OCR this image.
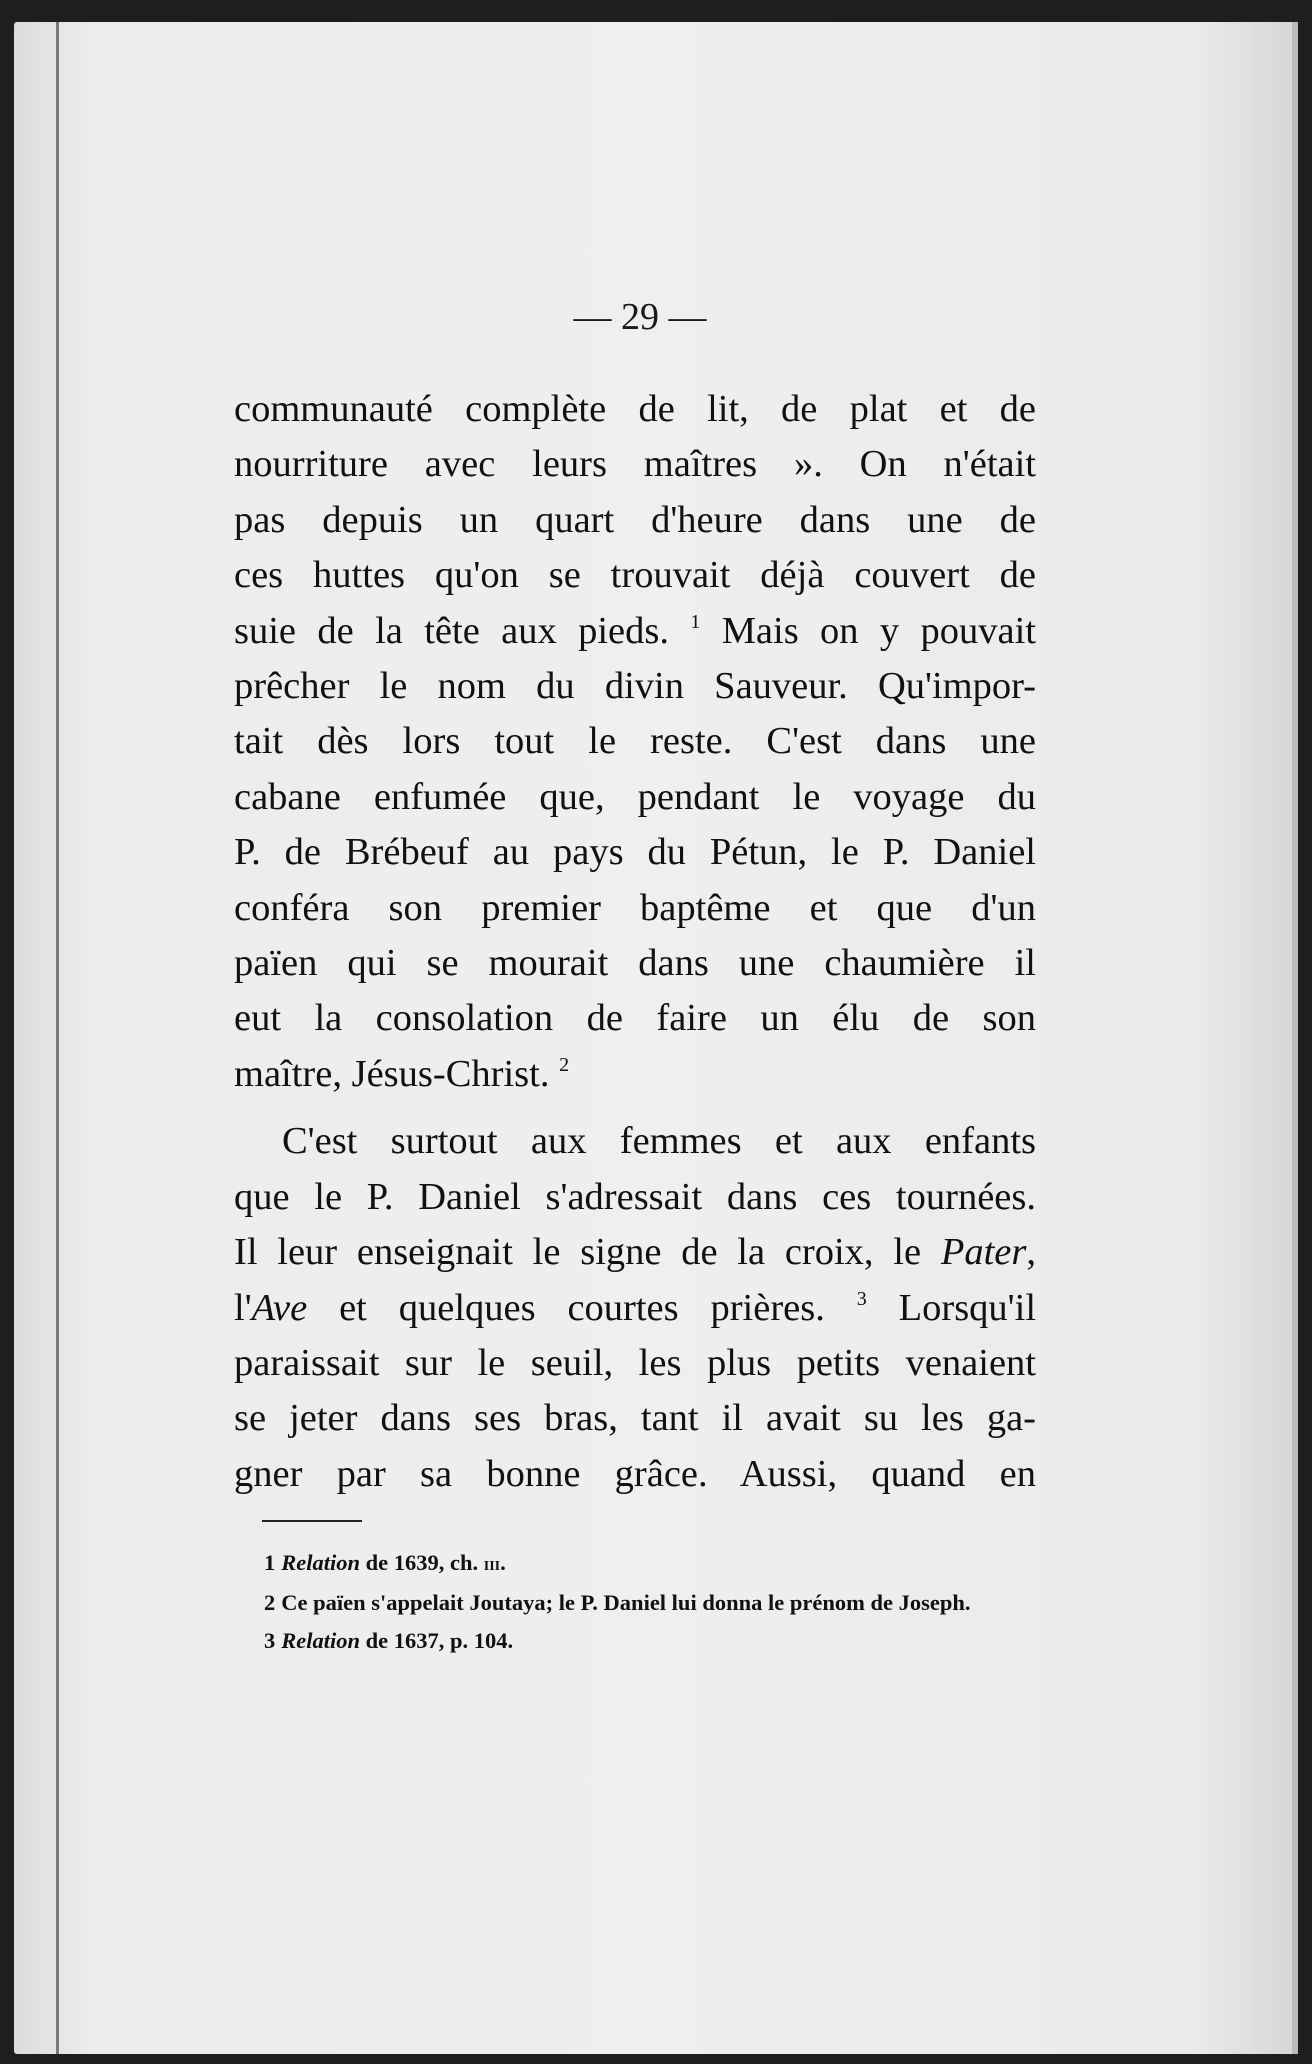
— 29 —

communauté complète de lit, de plat et de
nourriture avec leurs maîtres ». On n'était
pas depuis un quart d'heure dans une de
ces huttes qu'on se trouvait déjà couvert de
suie de la tête aux pieds. $^1$ Mais on y pouvait
prêcher le nom du divin Sauveur. Qu'impor-
tait dès lors tout le reste. C'est dans une
cabane enfumée que, pendant le voyage du
P. de Brébeuf au pays du Pétun, le P. Daniel
conféra son premier baptême et que d'un
païen qui se mourait dans une chaumière il
eut la consolation de faire un élu de son
maître, Jésus-Christ. $^2$

C'est surtout aux femmes et aux enfants
que le P. Daniel s'adressait dans ces tournées.
Il leur enseignait le signe de la croix, le Pater,
l'Ave et quelques courtes prières. $^3$ Lorsqu'il
paraissait sur le seuil, les plus petits venaient
se jeter dans ses bras, tant il avait su les ga-
gner par sa bonne grâce. Aussi, quand en

1 Relation de 1639, ch. iii.

2 Ce païen s'appelait Joutaya; le P. Daniel lui donna le prénom de Joseph.

3 Relation de 1637, p. 104.
